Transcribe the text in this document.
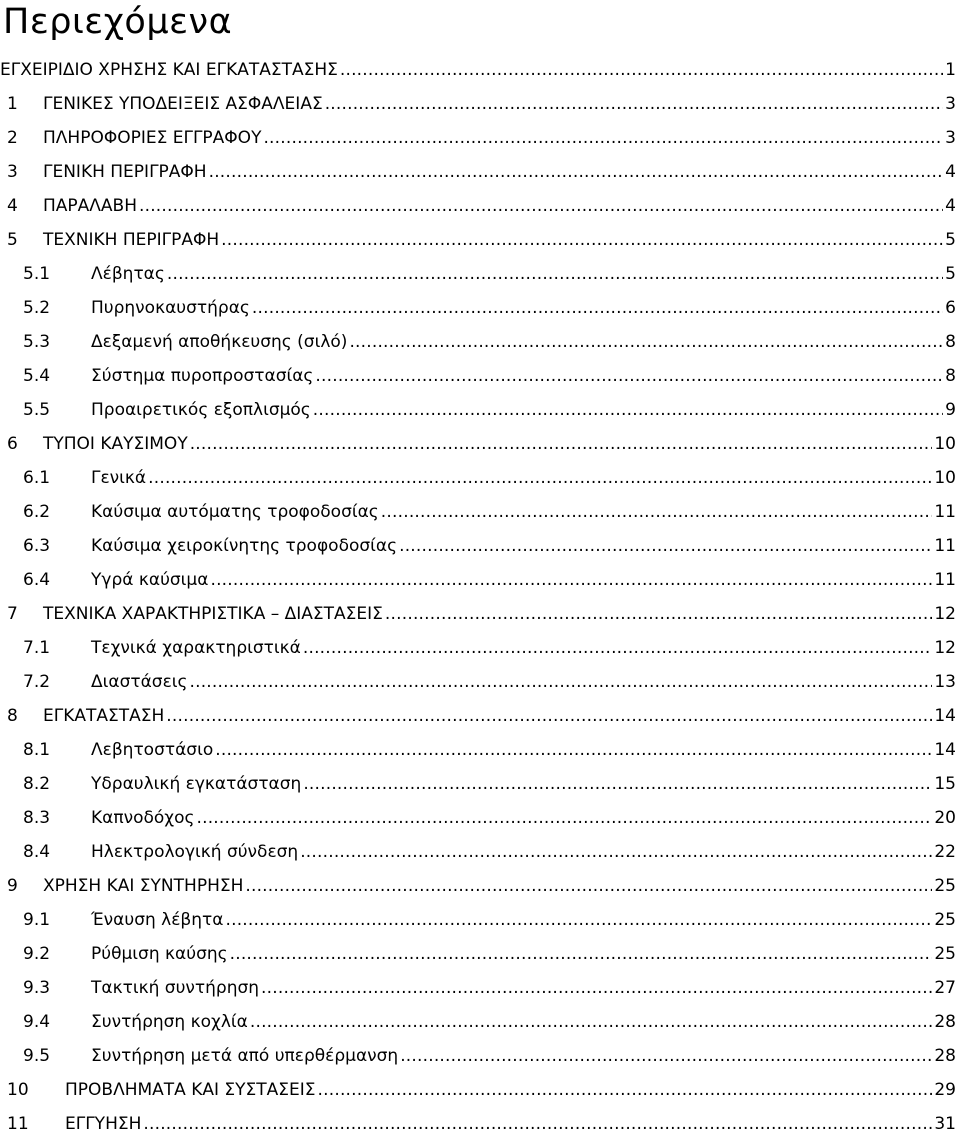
Περιεχόμενα
ΕΓΧΕΙΡΙΔΙΟ ΧΡΗΣΗΣ ΚΑΙ ΕΓΚΑΤΑΣΤΑΣΗΣ .....	1
1	ΓΕΝΙΚΕΣ ΥΠΟΔΕΙΞΕΙΣ ΑΣΦΑΛΕΙΑΣ .....	3
2	ΠΛΗΡΟΦΟΡΙΕΣ ΕΓΓΡΑΦΟΥ .....	3
3	ΓΕΝΙΚΗ ΠΕΡΙΓΡΑΦΗ .....	4
4	ΠΑΡΑΛΑΒΗ .....	4
5	ΤΕΧΝΙΚΗ ΠΕΡΙΓΡΑΦΗ .....	5
5.1	Λέβητας .....	5
5.2	Πυρηνοκαυστήρας .....	6
5.3	Δεξαμενή αποθήκευσης (σιλό) .....	8
5.4	Σύστημα πυροπροστασίας .....	8
5.5	Προαιρετικός εξοπλισμός .....	9
6	ΤΥΠΟΙ ΚΑΥΣΙΜΟΥ .....	10
6.1	Γενικά .....	10
6.2	Καύσιμα αυτόματης τροφοδοσίας .....	11
6.3	Καύσιμα χειροκίνητης τροφοδοσίας .....	11
6.4	Υγρά καύσιμα .....	11
7	ΤΕΧΝΙΚΑ ΧΑΡΑΚΤΗΡΙΣΤΙΚΑ – ΔΙΑΣΤΑΣΕΙΣ .....	12
7.1	Τεχνικά χαρακτηριστικά .....	12
7.2	Διαστάσεις .....	13
8	ΕΓΚΑΤΑΣΤΑΣΗ .....	14
8.1	Λεβητοστάσιο .....	14
8.2	Υδραυλική εγκατάσταση .....	15
8.3	Καπνοδόχος .....	20
8.4	Ηλεκτρολογική σύνδεση .....	22
9	ΧΡΗΣΗ ΚΑΙ ΣΥΝΤΗΡΗΣΗ .....	25
9.1	Έναυση λέβητα .....	25
9.2	Ρύθμιση καύσης .....	25
9.3	Τακτική συντήρηση .....	27
9.4	Συντήρηση κοχλία .....	28
9.5	Συντήρηση μετά από υπερθέρμανση .....	28
10	ΠΡΟΒΛΗΜΑΤΑ ΚΑΙ ΣΥΣΤΑΣΕΙΣ .....	29
11	ΕΓΓΥΗΣΗ .....	31
